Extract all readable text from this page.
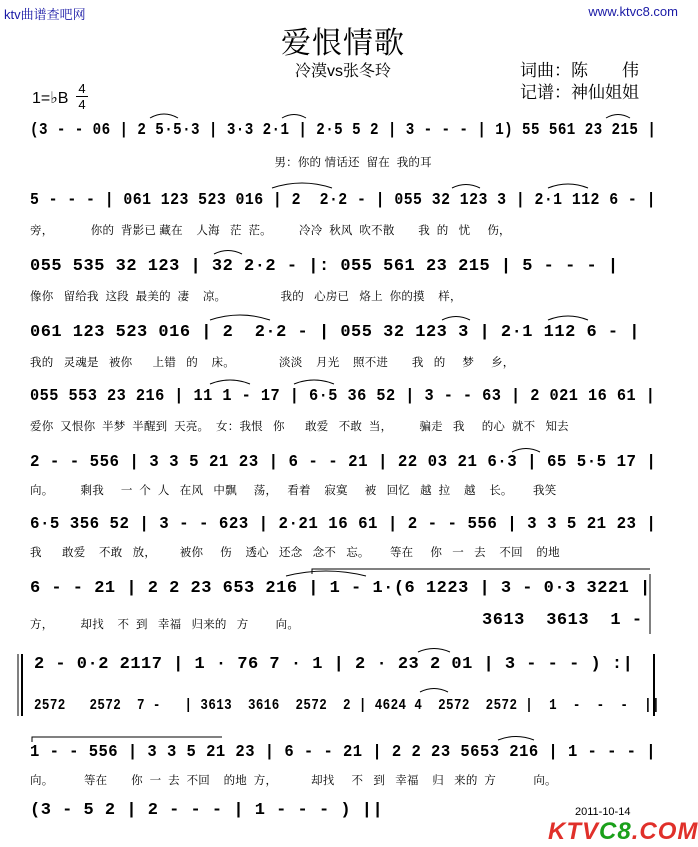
ktv曲谱查吧网	www.ktvc8.com
爱恨情歌
冷漠vs张冬玲	词曲：陈　　伟
记谱：神仙姐姐
1=♭B
4
4
(3 - - 06 | 2 5·5·3 | 3·3 2·1 | 2·5 5 2 | 3 - - - | 1) 55 561 23 215 |
男：你的 情话还  留在  我的耳
5 - - - | 061 123 523 016 | 2  2·2 - | 055 32 123 3 | 2·1 112 6 - |
旁，           你的  背影已 藏在    人海   茫  茫。        冷冷  秋风  吹不散       我  的   忧     伤，
055 535 32 123 | 32 2·2 - |: 055 561 23 215 | 5 - - - |
像你   留给我  这段  最美的  凄    凉。                我的   心房已   烙上  你的摸    样，
061 123 523 016 | 2  2·2 - | 055 32 123 3 | 2·1 112 6 - |
我的   灵魂是   被你      上错   的    床。             淡淡    月光    照不进       我   的     梦     乡，
055 553 23 216 | 11 1 - 17 | 6·5 36 52 | 3 - - 63 | 2 021 16 61 |
爱你  又恨你  半梦  半醒到  天亮。  女：我恨   你      敢爱   不敢  当，        骗走   我     的心  就不   知去
2 - - 556 | 3 3 5 21 23 | 6 - - 21 | 22 03 21 6·3 | 65 5·5 17 |
向。        剩我     一  个  人   在风   中飘     荡，   看着    寂寞     被   回忆   越  拉    越    长。      我笑
6·5 356 52 | 3 - - 623 | 2·21 16 61 | 2 - - 556 | 3 3 5 21 23 |
我      敢爱    不敢   放，       被你     伤    透心   还念   念不   忘。      等在     你   一   去    不回    的地
6 - - 21 | 2 2 23 653 216 | 1 - 1·(6 1223 | 3 - 0·3 3221 |
方，        却找    不  到   幸福   归来的   方        向。	3613  3613  1 -
2 - 0·2 2117 | 1 · 76 7 · 1 | 2 · 23 2 01 | 3 - - - ) :|
2572   2572  7 -   | 3613  3616  2572  2 | 4624 4  2572  2572 |  1  -  -  -  ||
1 - - 556 | 3 3 5 21 23 | 6 - - 21 | 2 2 23 5653 216 | 1 - - - |
向。         等在       你  一  去  不回    的地  方，          却找     不   到   幸福    归   来的  方           向。
(3 - 5 2 | 2 - - - | 1 - - - ) ||	2011-10-14
KTVC8.COM
